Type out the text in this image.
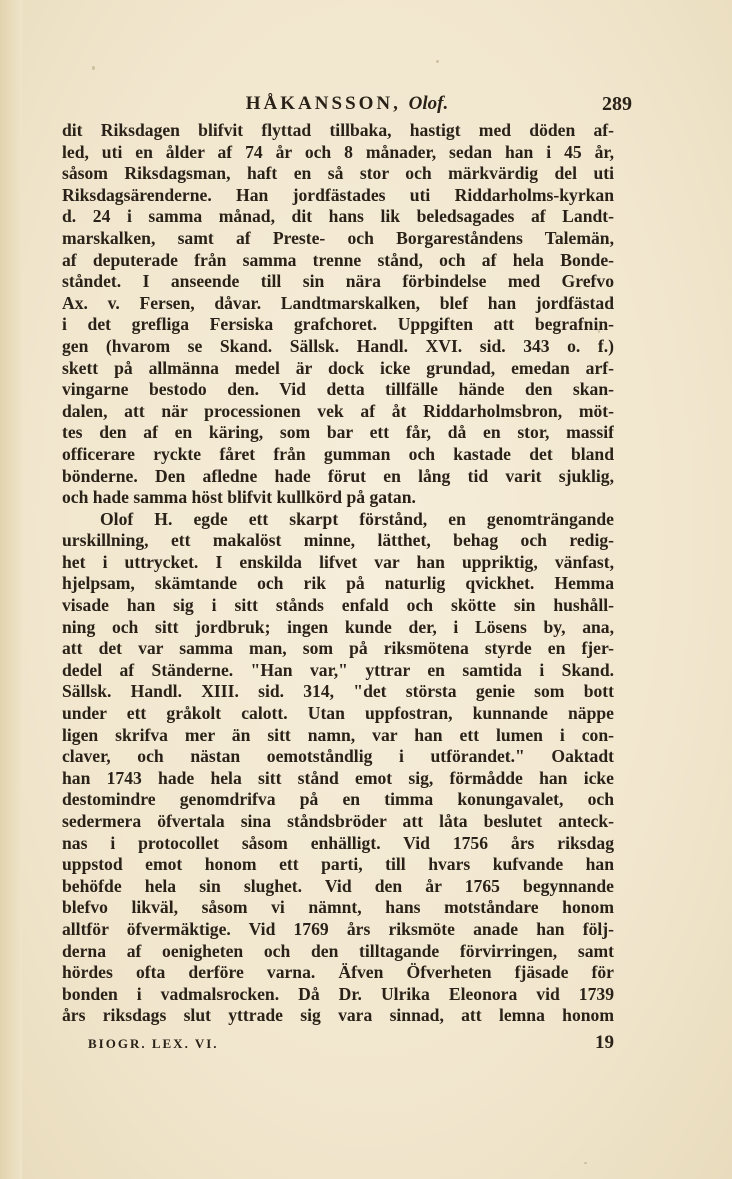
HÅKANSSON, Olof.	289
dit Riksdagen blifvit flyttad tillbaka, hastigt med döden af-
led, uti en ålder af 74 år och 8 månader, sedan han i 45 år,
såsom Riksdagsman, haft en så stor och märkvärdig del uti
Riksdagsärenderne. Han jordfästades uti Riddarholms-kyrkan
d. 24 i samma månad, dit hans lik beledsagades af Landt-
marskalken, samt af Preste- och Borgareståndens Talemän,
af deputerade från samma trenne stånd, och af hela Bonde-
ståndet. I anseende till sin nära förbindelse med Grefvo
Ax. v. Fersen, dåvar. Landtmarskalken, blef han jordfästad
i det grefliga Fersiska grafchoret. Uppgiften att begrafnin-
gen (hvarom se Skand. Sällsk. Handl. XVI. sid. 343 o. f.)
skett på allmänna medel är dock icke grundad, emedan arf-
vingarne bestodo den. Vid detta tillfälle hände den skan-
dalen, att när processionen vek af åt Riddarholmsbron, möt-
tes den af en käring, som bar ett får, då en stor, massif
officerare ryckte fåret från gumman och kastade det bland
bönderne. Den afledne hade förut en lång tid varit sjuklig,
och hade samma höst blifvit kullkörd på gatan.
Olof H. egde ett skarpt förstånd, en genomträngande
urskillning, ett makalöst minne, lätthet, behag och redig-
het i uttrycket. I enskilda lifvet var han uppriktig, vänfast,
hjelpsam, skämtande och rik på naturlig qvickhet. Hemma
visade han sig i sitt stånds enfald och skötte sin hushåll-
ning och sitt jordbruk; ingen kunde der, i Lösens by, ana,
att det var samma man, som på riksmötena styrde en fjer-
dedel af Ständerne. "Han var," yttrar en samtida i Skand.
Sällsk. Handl. XIII. sid. 314, "det största genie som bott
under ett gråkolt calott. Utan uppfostran, kunnande näppe
ligen skrifva mer än sitt namn, var han ett lumen i con-
claver, och nästan oemotståndlig i utförandet." Oaktadt
han 1743 hade hela sitt stånd emot sig, förmådde han icke
destomindre genomdrifva på en timma konungavalet, och
sedermera öfvertala sina ståndsbröder att låta beslutet anteck-
nas i protocollet såsom enhälligt. Vid 1756 års riksdag
uppstod emot honom ett parti, till hvars kufvande han
behöfde hela sin slughet. Vid den år 1765 begynnande
blefvo likväl, såsom vi nämnt, hans motståndare honom
alltför öfvermäktige. Vid 1769 års riksmöte anade han följ-
derna af oenigheten och den tilltagande förvirringen, samt
hördes ofta derföre varna. Äfven Öfverheten fjäsade för
bonden i vadmalsrocken. Då Dr. Ulrika Eleonora vid 1739
års riksdags slut yttrade sig vara sinnad, att lemna honom
BIOGR. LEX. VI.	19
